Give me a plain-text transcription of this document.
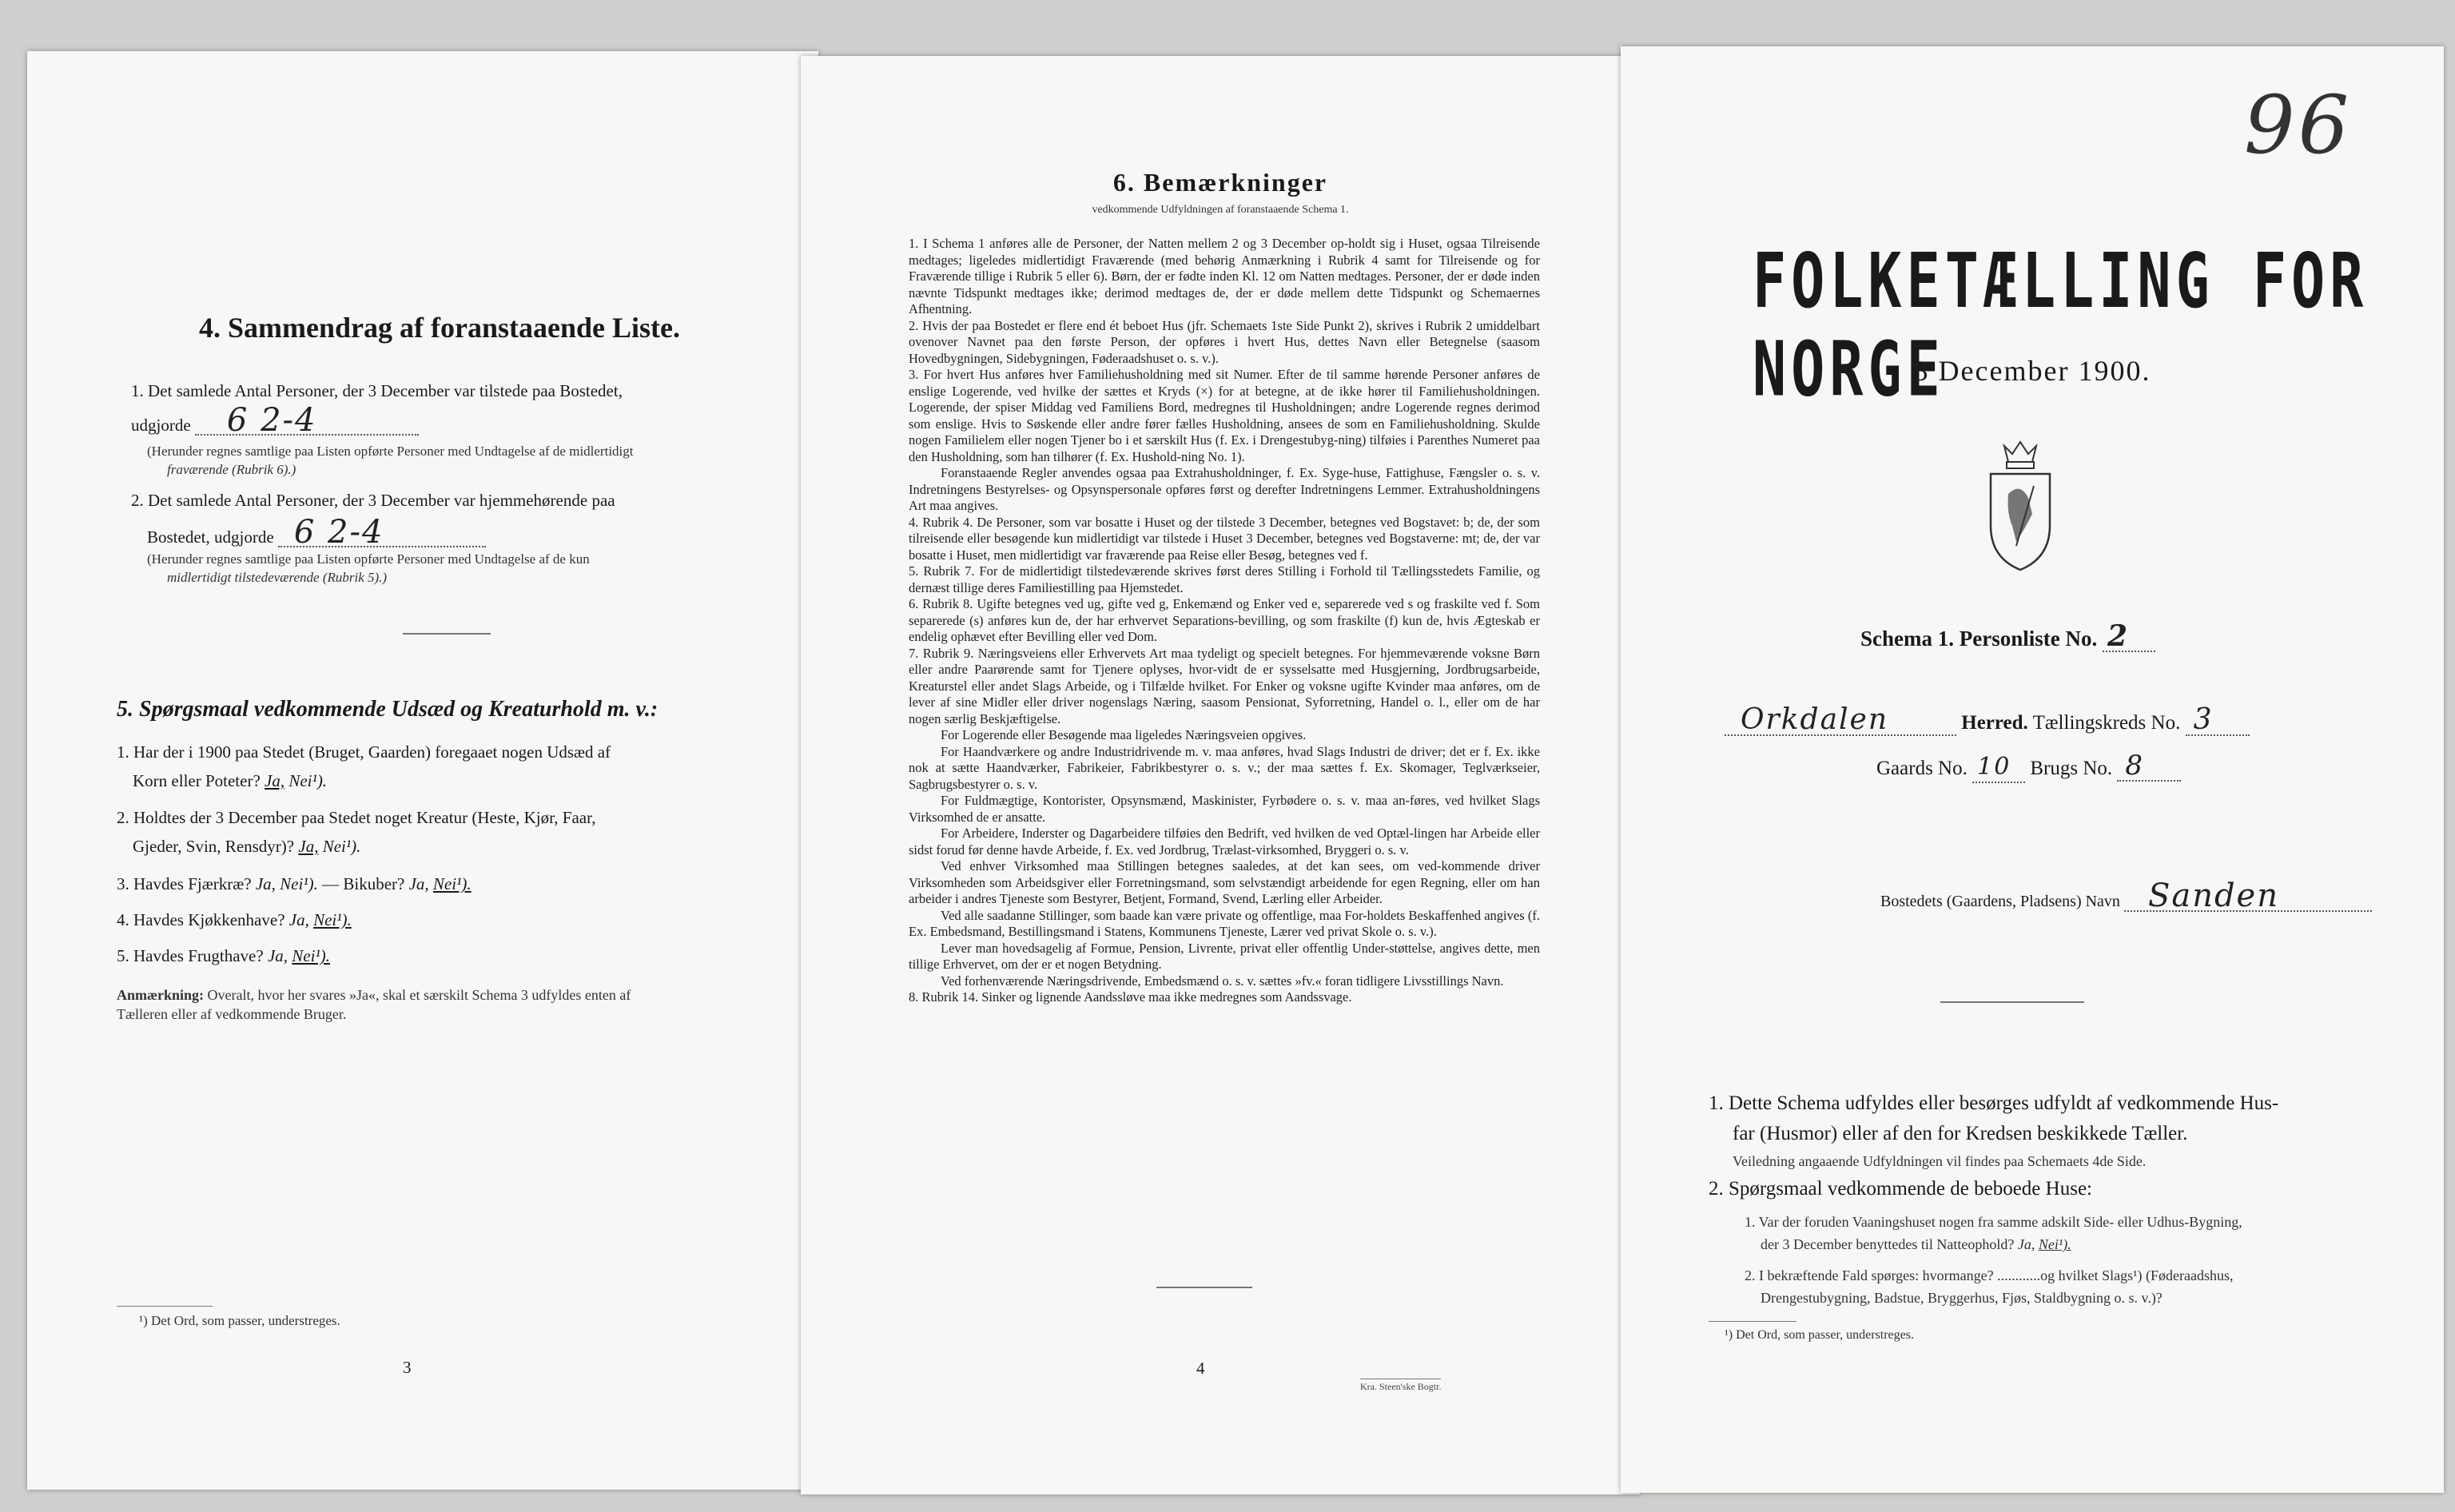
4. Sammendrag af foranstaaende Liste.
1. Det samlede Antal Personer, der 3 December var tilstede paa Bostedet,
udgjorde 6 2-4
(Herunder regnes samtlige paa Listen opførte Personer med Undtagelse af de midlertidigt
fraværende (Rubrik 6).)
2. Det samlede Antal Personer, der 3 December var hjemmehørende paa
Bostedet, udgjorde 6 2-4
(Herunder regnes samtlige paa Listen opførte Personer med Undtagelse af de kun
midlertidigt tilstedeværende (Rubrik 5).)
5. Spørgsmaal vedkommende Udsæd og Kreaturhold m. v.:
1. Har der i 1900 paa Stedet (Bruget, Gaarden) foregaaet nogen Udsæd af
Korn eller Poteter? Ja, Nei¹).
2. Holdtes der 3 December paa Stedet noget Kreatur (Heste, Kjør, Faar,
Gjeder, Svin, Rensdyr)? Ja, Nei¹).
3. Havdes Fjærkræ? Ja, Nei¹). — Bikuber? Ja, Nei¹).
4. Havdes Kjøkkenhave? Ja, Nei¹).
5. Havdes Frugthave? Ja, Nei¹).
Anmærkning: Overalt, hvor her svares »Ja«, skal et særskilt Schema 3 udfyldes enten af
Tælleren eller af vedkommende Bruger.
¹) Det Ord, som passer, understreges.
3
6. Bemærkninger
vedkommende Udfyldningen af foranstaaende Schema 1.

1. I Schema 1 anføres alle de Personer, der Natten mellem 2 og 3 December op-holdt sig i Huset, ogsaa Tilreisende medtages; ligeledes midlertidigt Fraværende (med behørig Anmærkning i Rubrik 4 samt for Tilreisende og for Fraværende tillige i Rubrik 5 eller 6). Børn, der er fødte inden Kl. 12 om Natten medtages. Personer, der er døde inden nævnte Tidspunkt medtages ikke; derimod medtages de, der er døde mellem dette Tidspunkt og Schemaernes Afhentning.

2. Hvis der paa Bostedet er flere end ét beboet Hus (jfr. Schemaets 1ste Side Punkt 2), skrives i Rubrik 2 umiddelbart ovenover Navnet paa den første Person, der opføres i hvert Hus, dettes Navn eller Betegnelse (saasom Hovedbygningen, Sidebygningen, Føderaadshuset o. s. v.).

3. For hvert Hus anføres hver Familiehusholdning med sit Numer. Efter de til samme hørende Personer anføres de enslige Logerende, ved hvilke der sættes et Kryds (×) for at betegne, at de ikke hører til Familiehusholdningen. Logerende, der spiser Middag ved Familiens Bord, medregnes til Husholdningen; andre Logerende regnes derimod som enslige. Hvis to Søskende eller andre fører fælles Husholdning, ansees de som en Familiehusholdning. Skulde nogen Familielem eller nogen Tjener bo i et særskilt Hus (f. Ex. i Drengestubyg-ning) tilføies i Parenthes Numeret paa den Husholdning, som han tilhører (f. Ex. Hushold-ning No. 1).

Foranstaaende Regler anvendes ogsaa paa Extrahusholdninger, f. Ex. Syge-huse, Fattighuse, Fængsler o. s. v. Indretningens Bestyrelses- og Opsynspersonale opføres først og derefter Indretningens Lemmer. Extrahusholdningens Art maa angives.

4. Rubrik 4. De Personer, som var bosatte i Huset og der tilstede 3 December, betegnes ved Bogstavet: b; de, der som tilreisende eller besøgende kun midlertidigt var tilstede i Huset 3 December, betegnes ved Bogstaverne: mt; de, der var bosatte i Huset, men midlertidigt var fraværende paa Reise eller Besøg, betegnes ved f.

5. Rubrik 7. For de midlertidigt tilstedeværende skrives først deres Stilling i Forhold til Tællingsstedets Familie, og dernæst tillige deres Familiestilling paa Hjemstedet.

6. Rubrik 8. Ugifte betegnes ved ug, gifte ved g, Enkemænd og Enker ved e, separerede ved s og fraskilte ved f. Som separerede (s) anføres kun de, der har erhvervet Separations-bevilling, og som fraskilte (f) kun de, hvis Ægteskab er endelig ophævet efter Bevilling eller ved Dom.

7. Rubrik 9. Næringsveiens eller Erhvervets Art maa tydeligt og specielt betegnes. For hjemmeværende voksne Børn eller andre Paarørende samt for Tjenere oplyses, hvor-vidt de er sysselsatte med Husgjerning, Jordbrugsarbeide, Kreaturstel eller andet Slags Arbeide, og i Tilfælde hvilket. For Enker og voksne ugifte Kvinder maa anføres, om de lever af sine Midler eller driver nogenslags Næring, saasom Pensionat, Syforretning, Handel o. l., eller om de har nogen særlig Beskjæftigelse.

For Logerende eller Besøgende maa ligeledes Næringsveien opgives.

For Haandværkere og andre Industridrivende m. v. maa anføres, hvad Slags Industri de driver; det er f. Ex. ikke nok at sætte Haandværker, Fabrikeier, Fabrikbestyrer o. s. v.; der maa sættes f. Ex. Skomager, Teglværkseier, Sagbrugsbestyrer o. s. v.

For Fuldmægtige, Kontorister, Opsynsmænd, Maskinister, Fyrbødere o. s. v. maa an-føres, ved hvilket Slags Virksomhed de er ansatte.

For Arbeidere, Inderster og Dagarbeidere tilføies den Bedrift, ved hvilken de ved Optæl-lingen har Arbeide eller sidst forud før denne havde Arbeide, f. Ex. ved Jordbrug, Trælast-virksomhed, Bryggeri o. s. v.

Ved enhver Virksomhed maa Stillingen betegnes saaledes, at det kan sees, om ved-kommende driver Virksomheden som Arbeidsgiver eller Forretningsmand, som selvstændigt arbeidende for egen Regning, eller om han arbeider i andres Tjeneste som Bestyrer, Betjent, Formand, Svend, Lærling eller Arbeider.

Ved alle saadanne Stillinger, som baade kan være private og offentlige, maa For-holdets Beskaffenhed angives (f. Ex. Embedsmand, Bestillingsmand i Statens, Kommunens Tjeneste, Lærer ved privat Skole o. s. v.).

Lever man hovedsagelig af Formue, Pension, Livrente, privat eller offentlig Under-støttelse, angives dette, men tillige Erhvervet, om der er et nogen Betydning.

Ved forhenværende Næringsdrivende, Embedsmænd o. s. v. sættes »fv.« foran tidligere Livsstillings Navn.

8. Rubrik 14. Sinker og lignende Aandssløve maa ikke medregnes som Aandssvage.

4
Kra. Steen'ske Bogtr.
96
FOLKETÆLLING FOR NORGE
3 December 1900.
Schema 1. Personliste No. 2
Orkdalen	Herred. Tællingskreds No. 3
Gaards No. 10 Brugs No. 8
Bostedets (Gaardens, Pladsens) Navn Sanden
1. Dette Schema udfyldes eller besørges udfyldt af vedkommende Hus-
far (Husmor) eller af den for Kredsen beskikkede Tæller.
Veiledning angaaende Udfyldningen vil findes paa Schemaets 4de Side.
2. Spørgsmaal vedkommende de beboede Huse:
1. Var der foruden Vaaningshuset nogen fra samme adskilt Side- eller Udhus-Bygning,
der 3 December benyttedes til Natteophold? Ja, Nei¹).
2. I bekræftende Fald spørges: hvormange? ............og hvilket Slags¹) (Føderaadshus,
Drengestubygning, Badstue, Bryggerhus, Fjøs, Staldbygning o. s. v.)?
¹) Det Ord, som passer, understreges.
